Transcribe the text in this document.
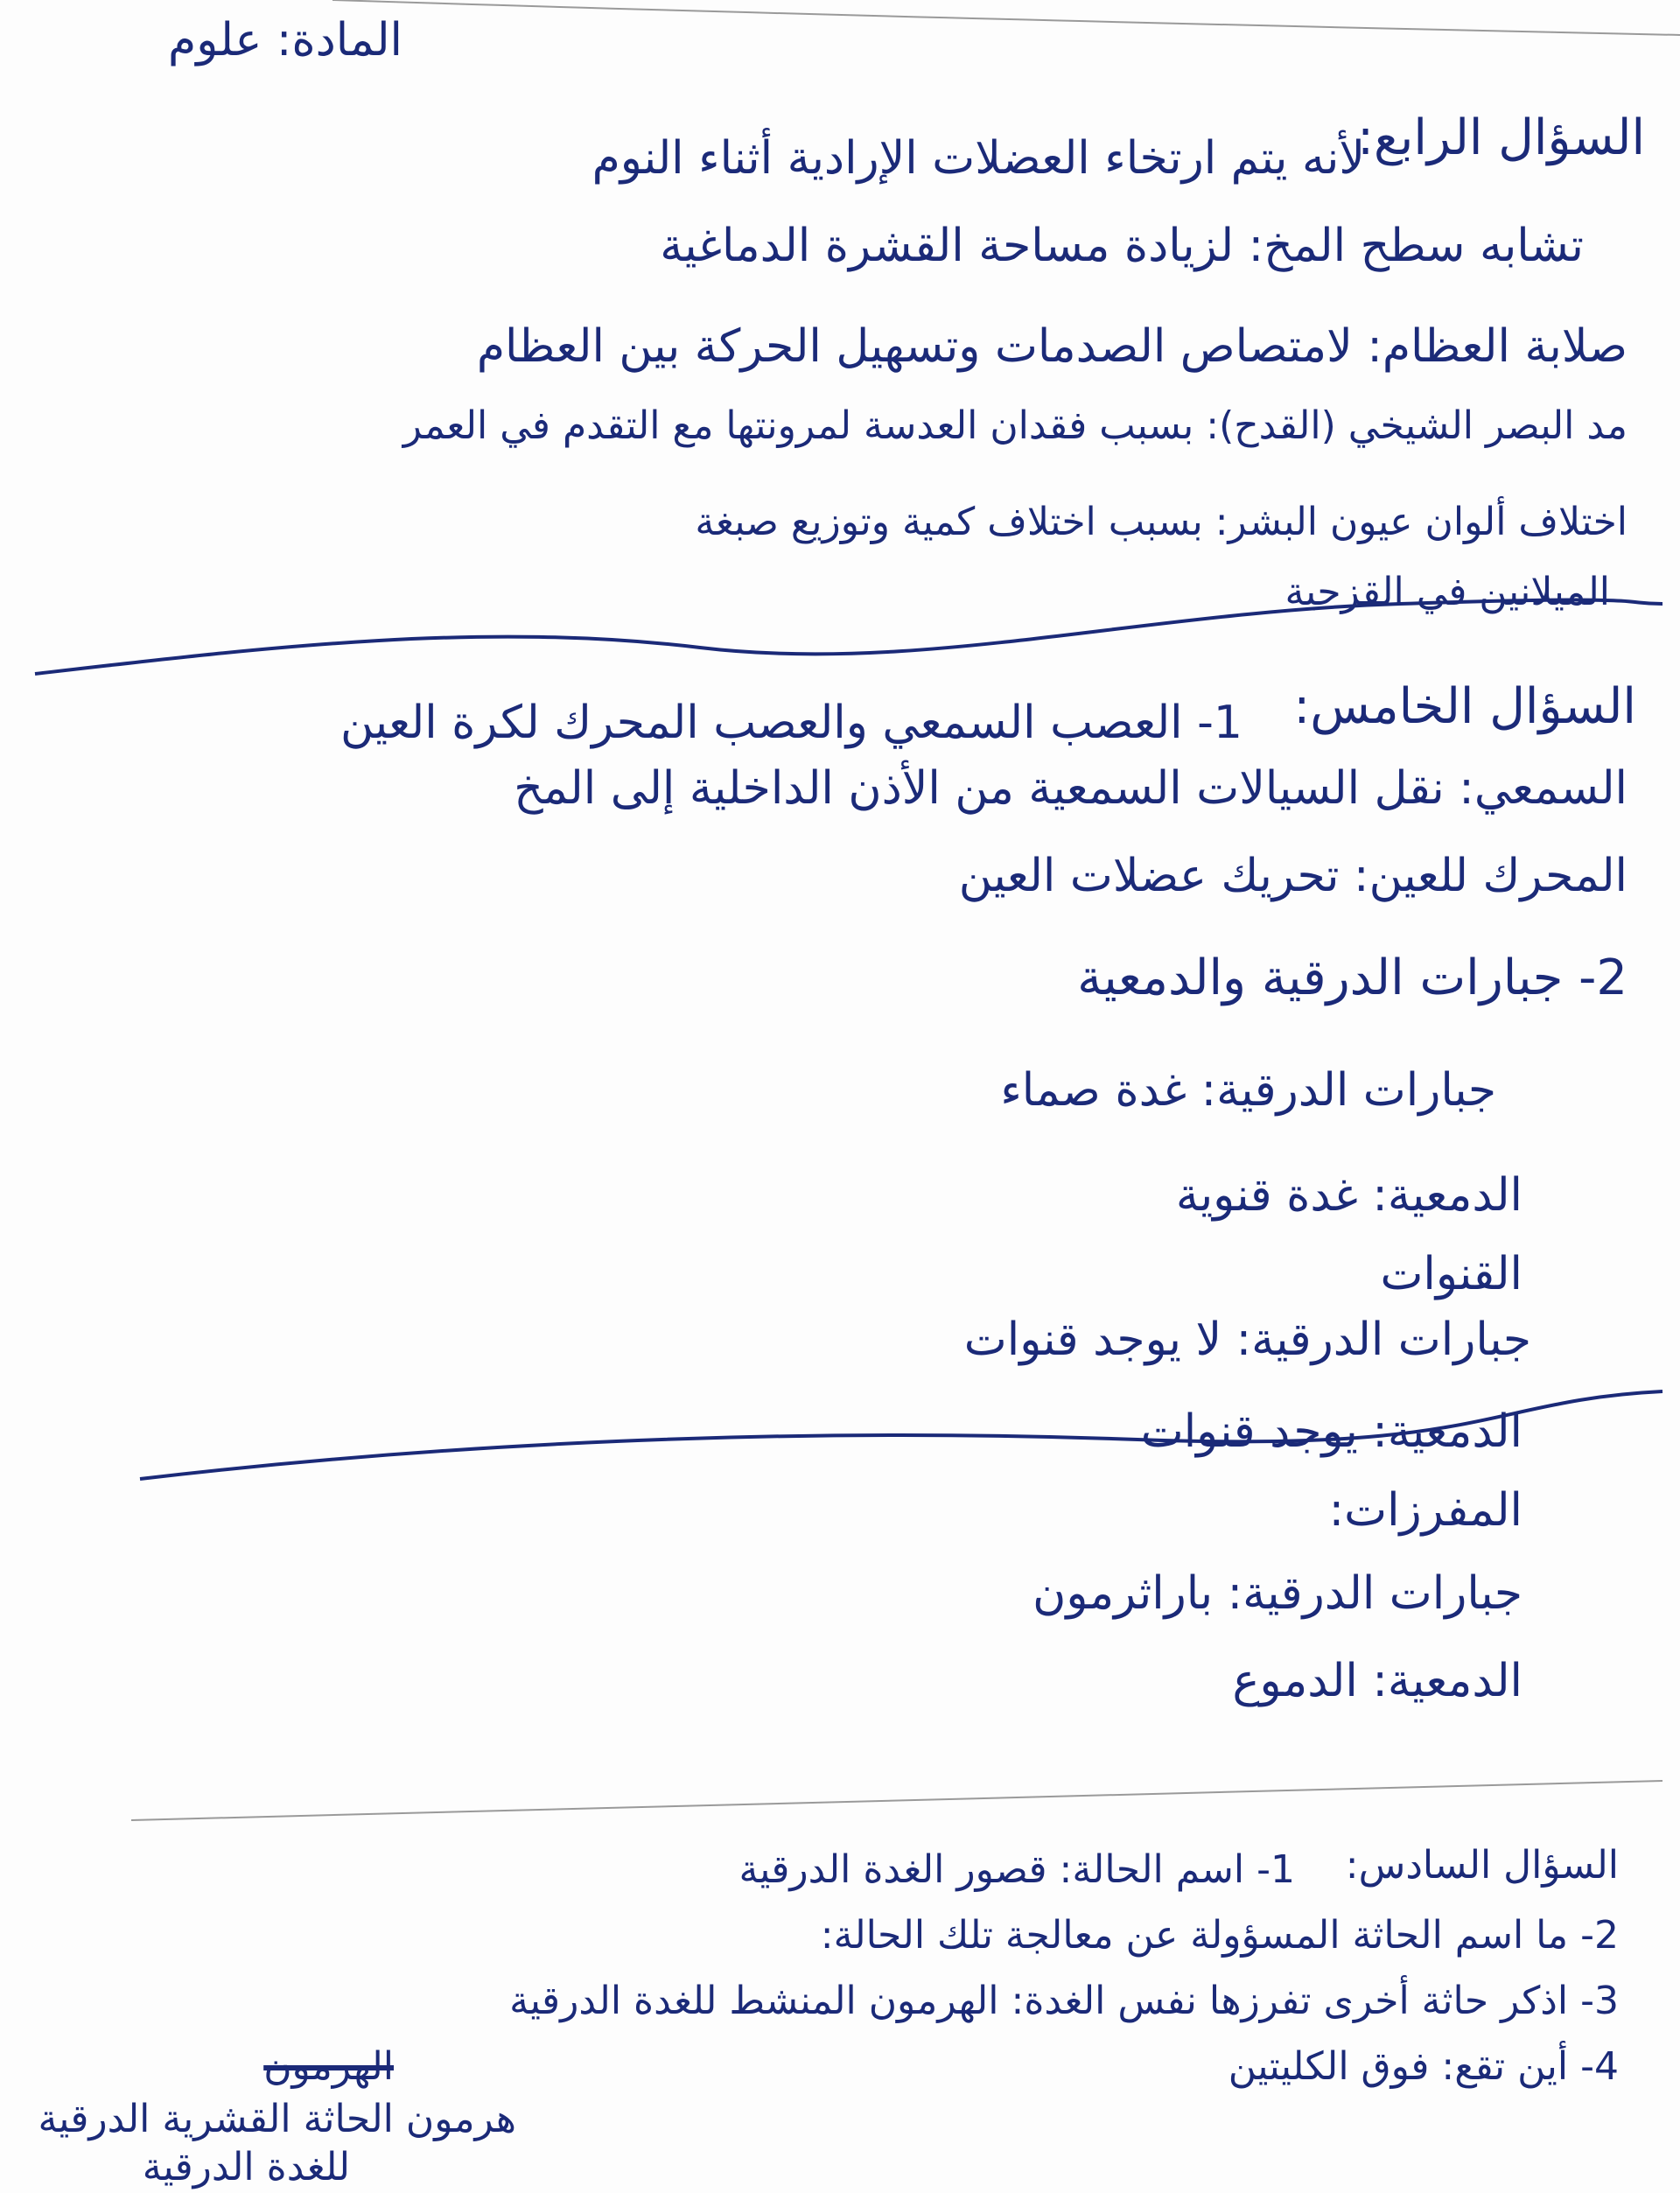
المادة: علوم
السؤال الرابع:
لأنه يتم ارتخاء العضلات الإرادية أثناء النوم
تشابه سطح المخ: لزيادة مساحة القشرة الدماغية
صلابة العظام: لامتصاص الصدمات وتسهيل الحركة بين العظام
مد البصر الشيخي (القدح): بسبب فقدان العدسة لمرونتها مع التقدم في العمر
اختلاف ألوان عيون البشر: بسبب اختلاف كمية وتوزيع صبغة
الميلانين في القزحية
السؤال الخامس:
1- العصب السمعي والعصب المحرك لكرة العين
السمعي: نقل السيالات السمعية من الأذن الداخلية إلى المخ
المحرك للعين: تحريك عضلات العين
2- جبارات الدرقية والدمعية
جبارات الدرقية: غدة صماء
الدمعية: غدة قنوية
القنوات
جبارات الدرقية: لا يوجد قنوات
الدمعية: يوجد قنوات
المفرزات:
جبارات الدرقية: باراثرمون
الدمعية: الدموع
السؤال السادس:
1- اسم الحالة: قصور الغدة الدرقية
2- ما اسم الحاثة المسؤولة عن معالجة تلك الحالة:
3- اذكر حاثة أخرى تفرزها نفس الغدة: الهرمون المنشط للغدة الدرقية
4- أين تقع: فوق الكليتين
الهرمون
هرمون الحاثة القشرية الدرقية
للغدة الدرقية
